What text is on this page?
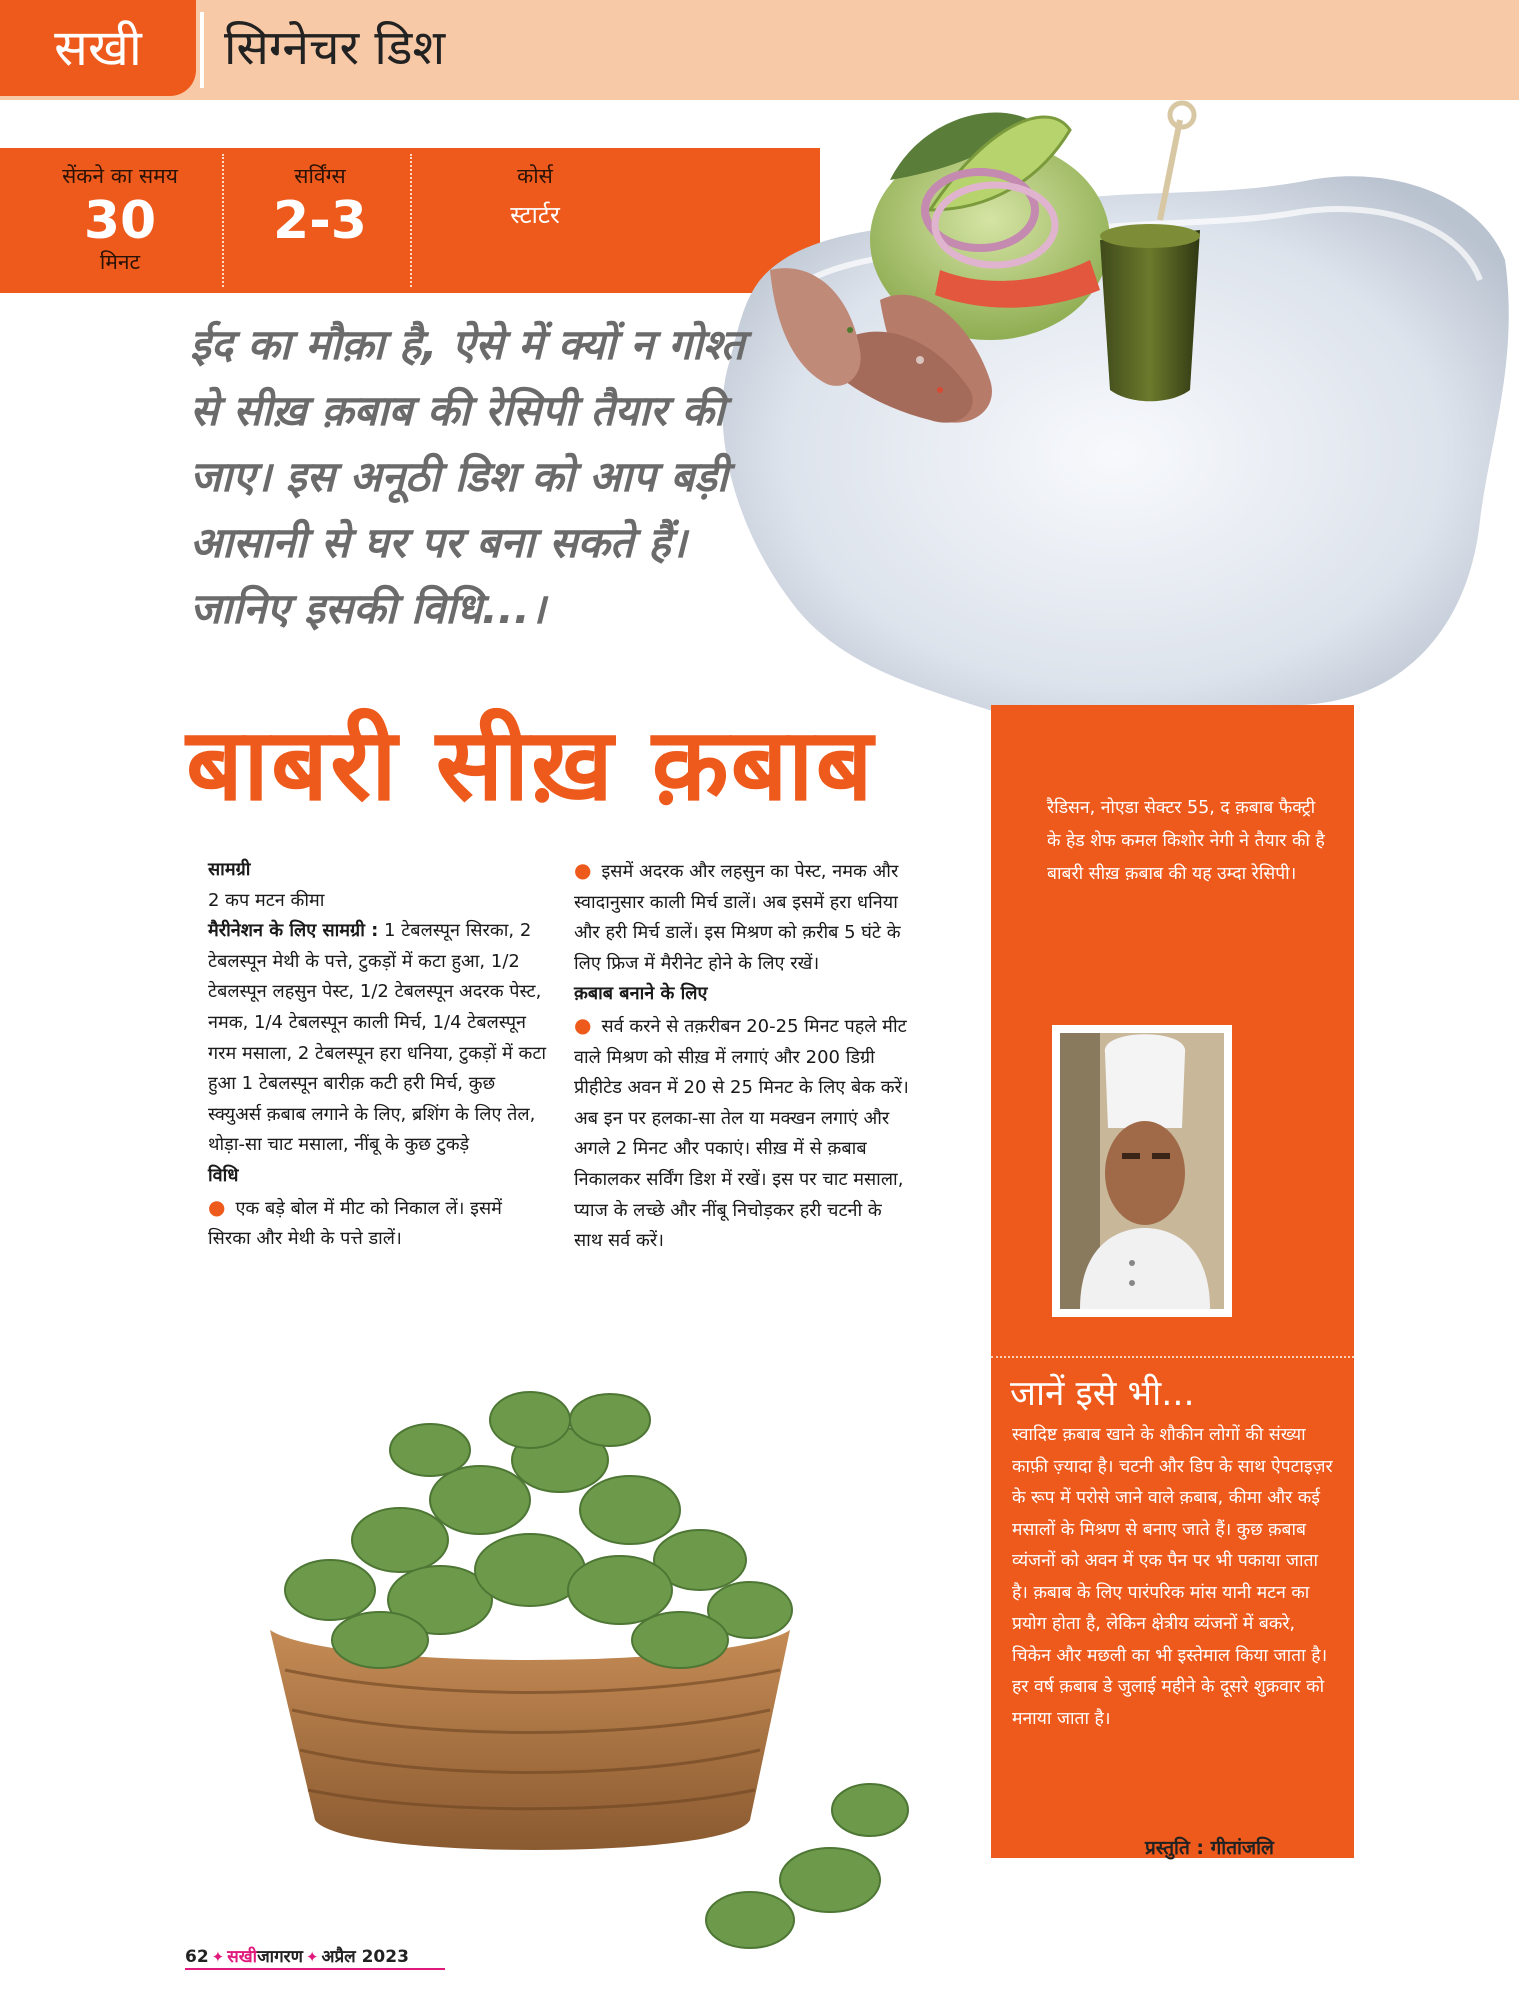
सखी	सिग्नेचर डिश
सेंकने का समय
30
मिनट
सर्विंग्स
2-3
कोर्स
स्टार्टर
ईद का मौक़ा है, ऐसे में क्यों न गोश्त से सीख़ क़बाब की रेसिपी तैयार की जाए। इस अनूठी डिश को आप बड़ी आसानी से घर पर बना सकते हैं। जानिए इसकी विधि...।
बाबरी सीख़ क़बाब
सामग्री
2 कप मटन कीमा
मैरीनेशन के लिए सामग्री : 1 टेबलस्पून सिरका, 2 टेबलस्पून मेथी के पत्ते, टुकड़ों में कटा हुआ, 1/2 टेबलस्पून लहसुन पेस्ट, 1/2 टेबलस्पून अदरक पेस्ट, नमक, 1/4 टेबलस्पून काली मिर्च, 1/4 टेबलस्पून गरम मसाला, 2 टेबलस्पून हरा धनिया, टुकड़ों में कटा हुआ 1 टेबलस्पून बारीक़ कटी हरी मिर्च, कुछ स्क्युअर्स क़बाब लगाने के लिए, ब्रशिंग के लिए तेल, थोड़ा-सा चाट मसाला, नींबू के कुछ टुकड़े
विधि
● एक बड़े बोल में मीट को निकाल लें। इसमें सिरका और मेथी के पत्ते डालें।
● इसमें अदरक और लहसुन का पेस्ट, नमक और स्वादानुसार काली मिर्च डालें। अब इसमें हरा धनिया और हरी मिर्च डालें। इस मिश्रण को क़रीब 5 घंटे के लिए फ्रिज में मैरीनेट होने के लिए रखें।
क़बाब बनाने के लिए
● सर्व करने से तक़रीबन 20-25 मिनट पहले मीट वाले मिश्रण को सीख़ में लगाएं और 200 डिग्री प्रीहीटेड अवन में 20 से 25 मिनट के लिए बेक करें। अब इन पर हलका-सा तेल या मक्खन लगाएं और अगले 2 मिनट और पकाएं। सीख़ में से क़बाब निकालकर सर्विंग डिश में रखें। इस पर चाट मसाला, प्याज के लच्छे और नींबू निचोड़कर हरी चटनी के साथ सर्व करें।
रैडिसन, नोएडा सेक्टर 55, द क़बाब फैक्ट्री के हेड शेफ कमल किशोर नेगी ने तैयार की है बाबरी सीख़ क़बाब की यह उम्दा रेसिपी।
जानें इसे भी...
स्वादिष्ट क़बाब खाने के शौकीन लोगों की संख्या काफ़ी ज़्यादा है। चटनी और डिप के साथ ऐपटाइज़र के रूप में परोसे जाने वाले क़बाब, कीमा और कई मसालों के मिश्रण से बनाए जाते हैं। कुछ क़बाब व्यंजनों को अवन में एक पैन पर भी पकाया जाता है। क़बाब के लिए पारंपरिक मांस यानी मटन का प्रयोग होता है, लेकिन क्षेत्रीय व्यंजनों में बकरे, चिकेन और मछली का भी इस्तेमाल किया जाता है। हर वर्ष क़बाब डे जुलाई महीने के दूसरे शुक्रवार को मनाया जाता है।
प्रस्तुति : गीतांजलि
62 ✦ सखीजागरण ✦ अप्रैल 2023
